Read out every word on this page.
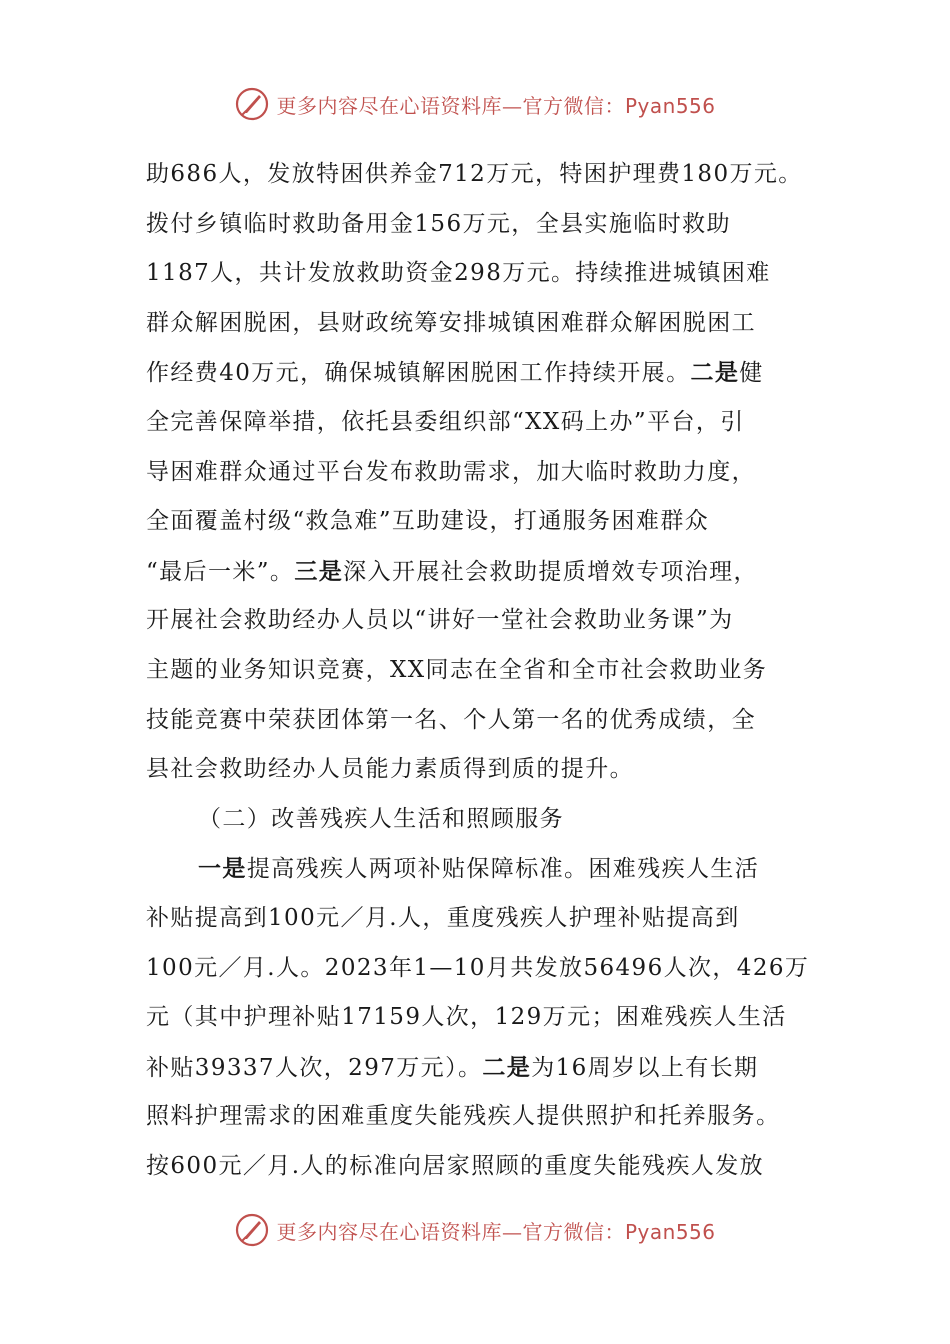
更多内容尽在心语资料库—官方微信：Pyan556
助686人，发放特困供养金712万元，特困护理费180万元。
拨付乡镇临时救助备用金156万元，全县实施临时救助
1187人，共计发放救助资金298万元。持续推进城镇困难
群众解困脱困，县财政统筹安排城镇困难群众解困脱困工
作经费40万元，确保城镇解困脱困工作持续开展。二是健
全完善保障举措，依托县委组织部“XX码上办”平台，引
导困难群众通过平台发布救助需求，加大临时救助力度，
全面覆盖村级“救急难”互助建设，打通服务困难群众
“最后一米”。三是深入开展社会救助提质增效专项治理，
开展社会救助经办人员以“讲好一堂社会救助业务课”为
主题的业务知识竞赛，XX同志在全省和全市社会救助业务
技能竞赛中荣获团体第一名、个人第一名的优秀成绩，全
县社会救助经办人员能力素质得到质的提升。
（二）改善残疾人生活和照顾服务
一是提高残疾人两项补贴保障标准。困难残疾人生活
补贴提高到100元／月.人，重度残疾人护理补贴提高到
100元／月.人。2023年1—10月共发放56496人次，426万
元（其中护理补贴17159人次，129万元；困难残疾人生活
补贴39337人次，297万元）。二是为16周岁以上有长期
照料护理需求的困难重度失能残疾人提供照护和托养服务。
按600元／月.人的标准向居家照顾的重度失能残疾人发放
更多内容尽在心语资料库—官方微信：Pyan556
